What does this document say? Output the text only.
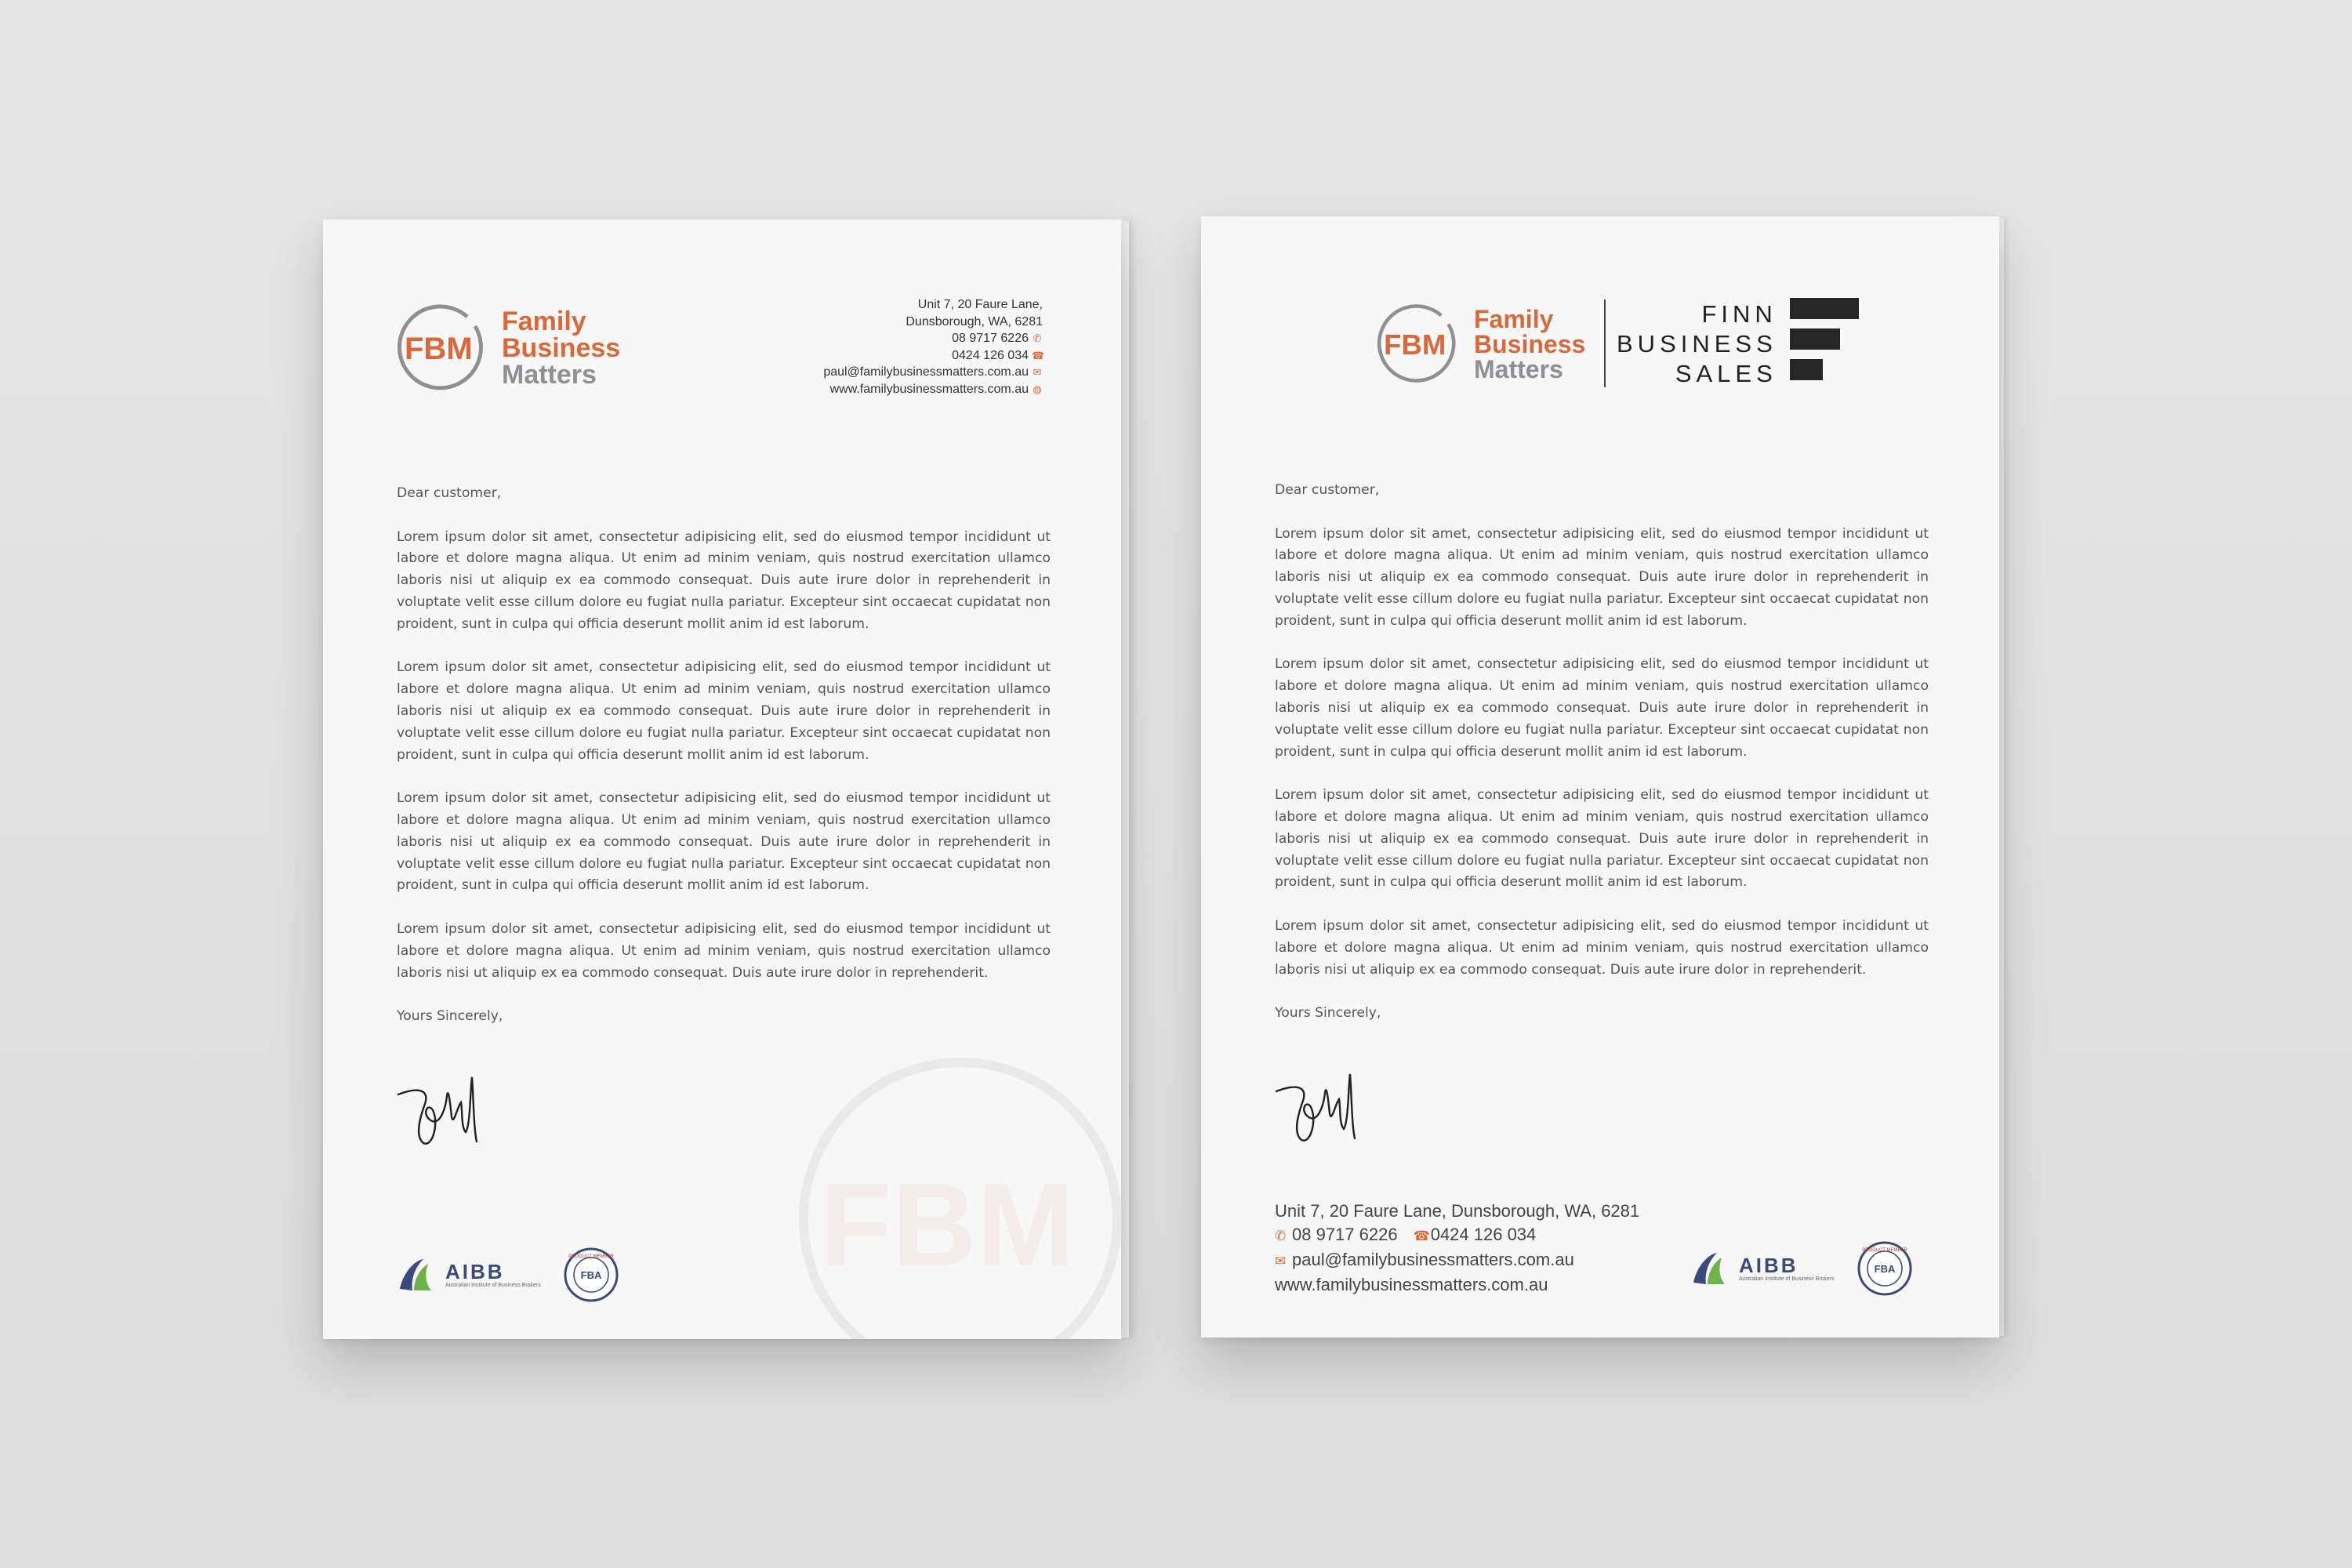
FBM
Family
Business
Matters
Unit 7, 20 Faure Lane,
Dunsborough, WA, 6281
08 9717 6226 ✆
0424 126 034 ☎
paul@familybusinessmatters.com.au ✉
www.familybusinessmatters.com.au ◍
FBM

Dear customer,

Lorem ipsum dolor sit amet, consectetur adipisicing elit, sed do eiusmod tempor incididunt ut labore et dolore magna aliqua. Ut enim ad minim veniam, quis nostrud exercitation ullamco laboris nisi ut aliquip ex ea commodo consequat. Duis aute irure dolor in reprehenderit in voluptate velit esse cillum dolore eu fugiat nulla pariatur. Excepteur sint occaecat cupidatat non proident, sunt in culpa qui officia deserunt mollit anim id est laborum.

Lorem ipsum dolor sit amet, consectetur adipisicing elit, sed do eiusmod tempor incididunt ut labore et dolore magna aliqua. Ut enim ad minim veniam, quis nostrud exercitation ullamco laboris nisi ut aliquip ex ea commodo consequat. Duis aute irure dolor in reprehenderit in voluptate velit esse cillum dolore eu fugiat nulla pariatur. Excepteur sint occaecat cupidatat non proident, sunt in culpa qui officia deserunt mollit anim id est laborum.

Lorem ipsum dolor sit amet, consectetur adipisicing elit, sed do eiusmod tempor incididunt ut labore et dolore magna aliqua. Ut enim ad minim veniam, quis nostrud exercitation ullamco laboris nisi ut aliquip ex ea commodo consequat. Duis aute irure dolor in reprehenderit in voluptate velit esse cillum dolore eu fugiat nulla pariatur. Excepteur sint occaecat cupidatat non proident, sunt in culpa qui officia deserunt mollit anim id est laborum.

Lorem ipsum dolor sit amet, consectetur adipisicing elit, sed do eiusmod tempor incididunt ut labore et dolore magna aliqua. Ut enim ad minim veniam, quis nostrud exercitation ullamco laboris nisi ut aliquip ex ea commodo consequat. Duis aute irure dolor in reprehenderit.

Yours Sincerely,

AIBB
Australian Institute of Business Brokers
PRODUCT MEMBER
FBA
FBM
Family
Business
Matters
FINN
BUSINESS
SALES

Dear customer,

Lorem ipsum dolor sit amet, consectetur adipisicing elit, sed do eiusmod tempor incididunt ut labore et dolore magna aliqua. Ut enim ad minim veniam, quis nostrud exercitation ullamco laboris nisi ut aliquip ex ea commodo consequat. Duis aute irure dolor in reprehenderit in voluptate velit esse cillum dolore eu fugiat nulla pariatur. Excepteur sint occaecat cupidatat non proident, sunt in culpa qui officia deserunt mollit anim id est laborum.

Lorem ipsum dolor sit amet, consectetur adipisicing elit, sed do eiusmod tempor incididunt ut labore et dolore magna aliqua. Ut enim ad minim veniam, quis nostrud exercitation ullamco laboris nisi ut aliquip ex ea commodo consequat. Duis aute irure dolor in reprehenderit in voluptate velit esse cillum dolore eu fugiat nulla pariatur. Excepteur sint occaecat cupidatat non proident, sunt in culpa qui officia deserunt mollit anim id est laborum.

Lorem ipsum dolor sit amet, consectetur adipisicing elit, sed do eiusmod tempor incididunt ut labore et dolore magna aliqua. Ut enim ad minim veniam, quis nostrud exercitation ullamco laboris nisi ut aliquip ex ea commodo consequat. Duis aute irure dolor in reprehenderit in voluptate velit esse cillum dolore eu fugiat nulla pariatur. Excepteur sint occaecat cupidatat non proident, sunt in culpa qui officia deserunt mollit anim id est laborum.

Lorem ipsum dolor sit amet, consectetur adipisicing elit, sed do eiusmod tempor incididunt ut labore et dolore magna aliqua. Ut enim ad minim veniam, quis nostrud exercitation ullamco laboris nisi ut aliquip ex ea commodo consequat. Duis aute irure dolor in reprehenderit.

Yours Sincerely,

Unit 7, 20 Faure Lane, Dunsborough, WA, 6281
✆ 08 9717 6226 ☎0424 126 034
✉ paul@familybusinessmatters.com.au
www.familybusinessmatters.com.au
AIBB
Australian Institute of Business Brokers
PRODUCT MEMBER
FBA
